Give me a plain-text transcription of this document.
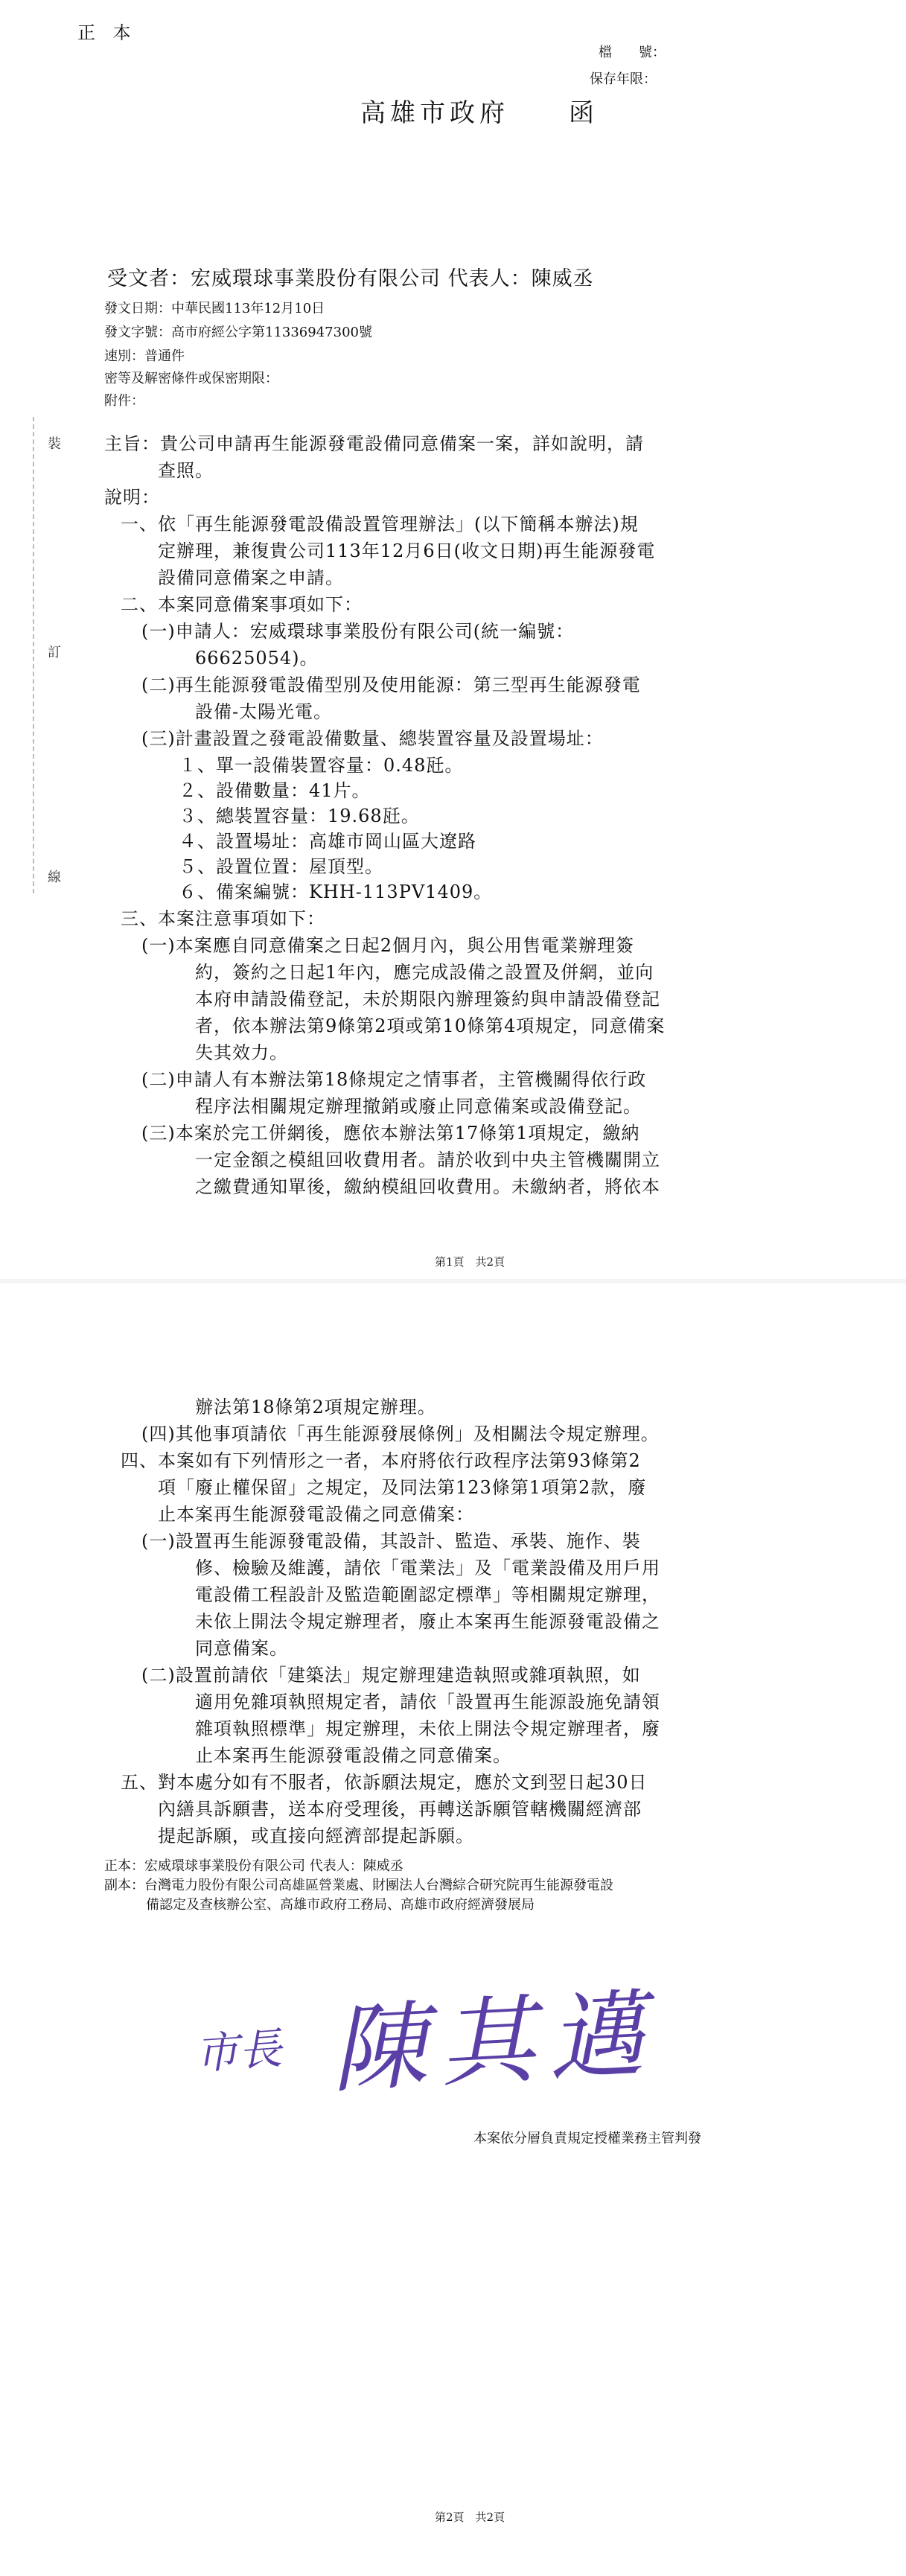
正 本
檔　　號：
保存年限：
高雄市政府　　函
受文者：宏威環球事業股份有限公司 代表人：陳威丞
發文日期：中華民國113年12月10日
發文字號：高市府經公字第11336947300號
速別：普通件
密等及解密條件或保密期限：
附件：
裝
訂
線
主旨：貴公司申請再生能源發電設備同意備案一案，詳如說明，請
查照。
說明：
一、依「再生能源發電設備設置管理辦法」(以下簡稱本辦法)規
定辦理，兼復貴公司113年12月6日(收文日期)再生能源發電
設備同意備案之申請。
二、本案同意備案事項如下：
(一)申請人：宏威環球事業股份有限公司(統一編號：
66625054)。
(二)再生能源發電設備型別及使用能源：第三型再生能源發電
設備-太陽光電。
(三)計畫設置之發電設備數量、總裝置容量及設置場址：
１、單一設備裝置容量：0.48瓩。
２、設備數量：41片。
３、總裝置容量：19.68瓩。
４、設置場址：高雄市岡山區大遼路
５、設置位置：屋頂型。
６、備案編號：KHH-113PV1409。
三、本案注意事項如下：
(一)本案應自同意備案之日起2個月內，與公用售電業辦理簽
約，簽約之日起1年內，應完成設備之設置及併網，並向
本府申請設備登記，未於期限內辦理簽約與申請設備登記
者，依本辦法第9條第2項或第10條第4項規定，同意備案
失其效力。
(二)申請人有本辦法第18條規定之情事者，主管機關得依行政
程序法相關規定辦理撤銷或廢止同意備案或設備登記。
(三)本案於完工併網後，應依本辦法第17條第1項規定，繳納
一定金額之模組回收費用者。請於收到中央主管機關開立
之繳費通知單後，繳納模組回收費用。未繳納者，將依本
第1頁　共2頁
辦法第18條第2項規定辦理。
(四)其他事項請依「再生能源發展條例」及相關法令規定辦理。
四、本案如有下列情形之一者，本府將依行政程序法第93條第2
項「廢止權保留」之規定，及同法第123條第1項第2款，廢
止本案再生能源發電設備之同意備案：
(一)設置再生能源發電設備，其設計、監造、承裝、施作、裝
修、檢驗及維護，請依「電業法」及「電業設備及用戶用
電設備工程設計及監造範圍認定標準」等相關規定辦理，
未依上開法令規定辦理者，廢止本案再生能源發電設備之
同意備案。
(二)設置前請依「建築法」規定辦理建造執照或雜項執照，如
適用免雜項執照規定者，請依「設置再生能源設施免請領
雜項執照標準」規定辦理，未依上開法令規定辦理者，廢
止本案再生能源發電設備之同意備案。
五、對本處分如有不服者，依訴願法規定，應於文到翌日起30日
內繕具訴願書，送本府受理後，再轉送訴願管轄機關經濟部
提起訴願，或直接向經濟部提起訴願。
正本：宏威環球事業股份有限公司 代表人：陳威丞
副本：台灣電力股份有限公司高雄區營業處、財團法人台灣綜合研究院再生能源發電設
備認定及查核辦公室、高雄市政府工務局、高雄市政府經濟發展局
市長 陳其邁
本案依分層負責規定授權業務主管判發
第2頁　共2頁
